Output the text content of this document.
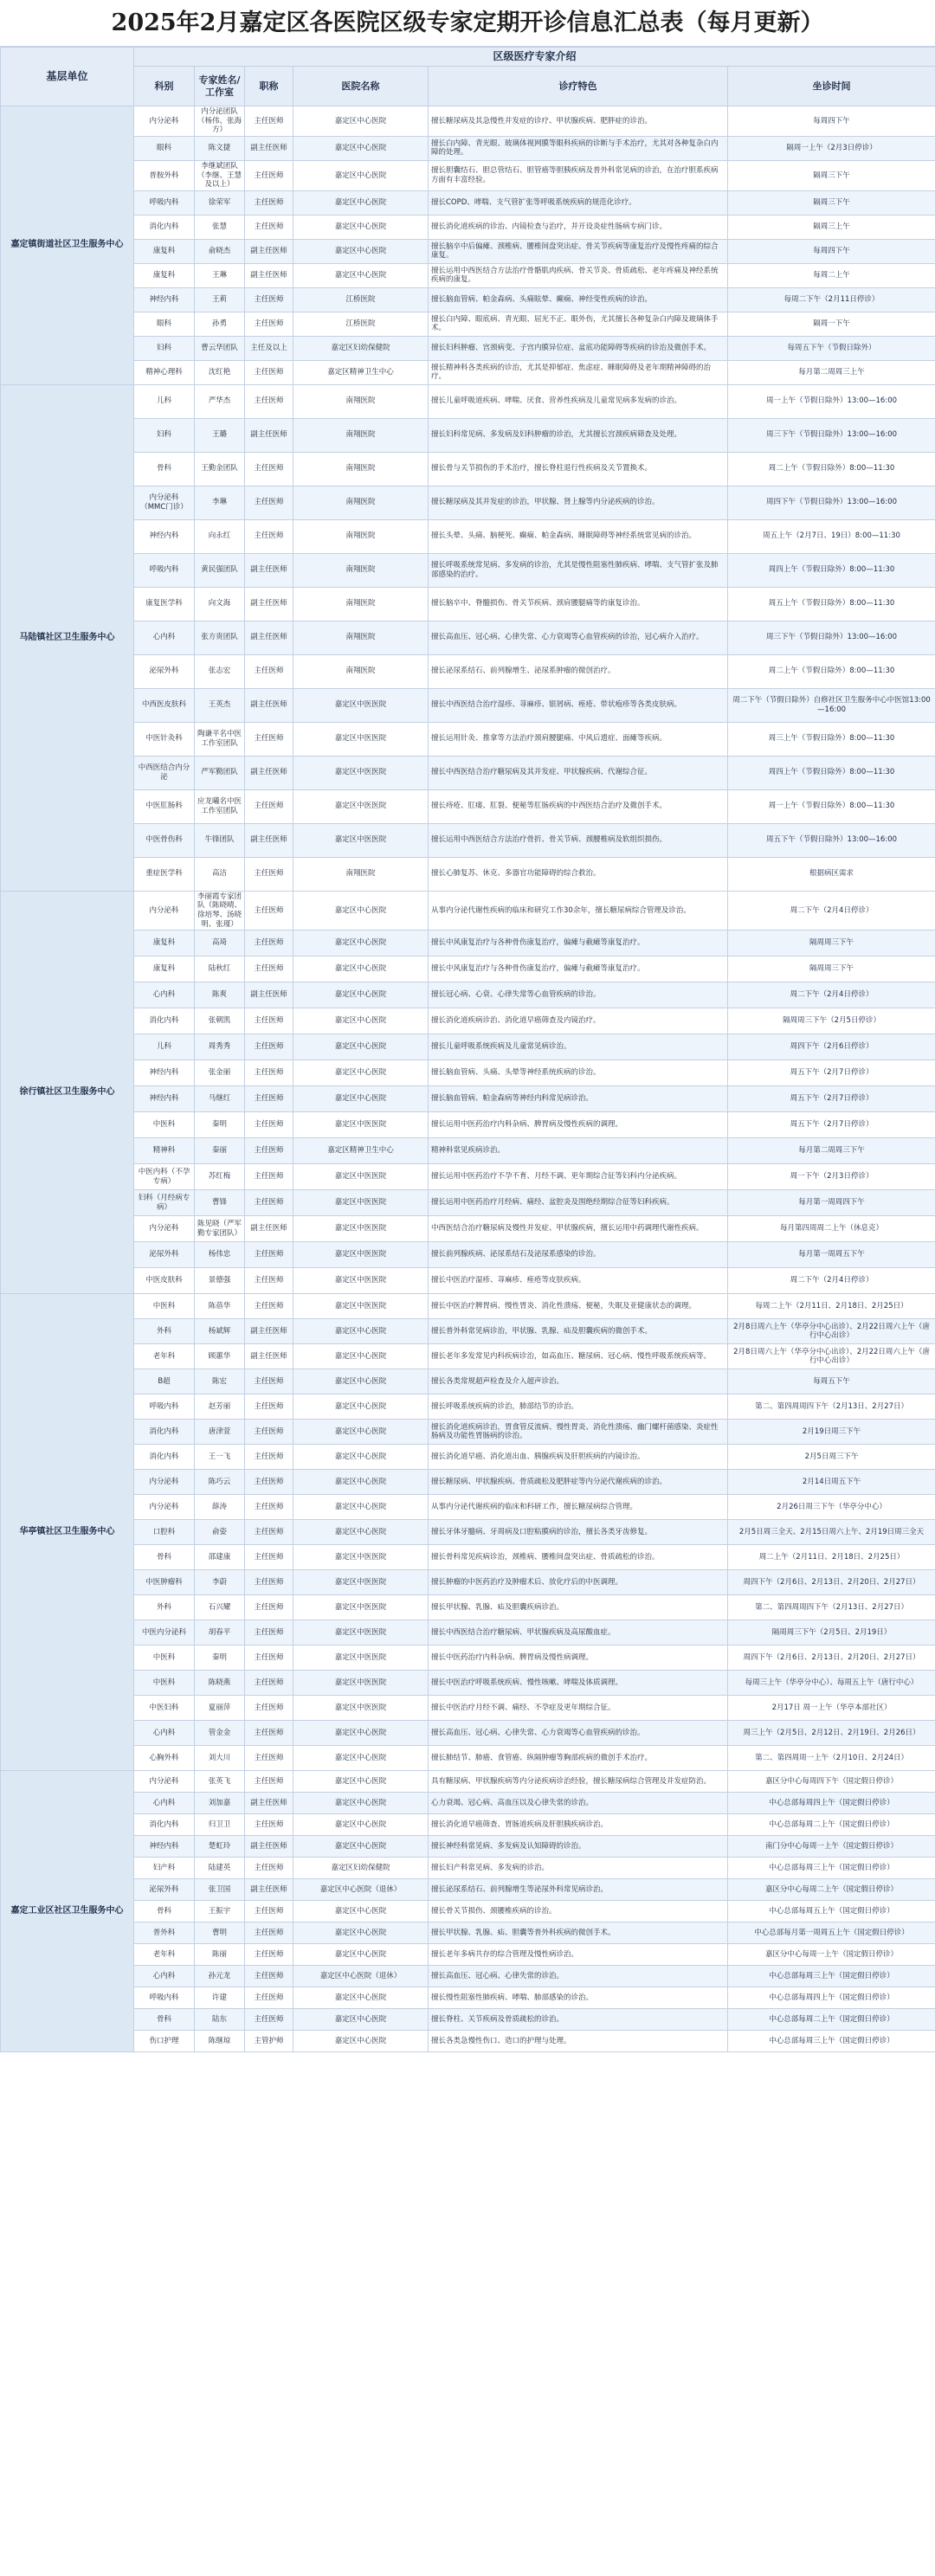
2025年2月嘉定区各医院区级专家定期开诊信息汇总表（每月更新）
基层单位	区级医疗专家介绍					
	科别	专家姓名/工作室	职称	医院名称	诊疗特色	坐诊时间
嘉定镇街道社区卫生服务中心	内分泌科	内分泌团队（杨伟、张海方）	主任医师	嘉定区中心医院	擅长糖尿病及其急慢性并发症的诊疗、甲状腺疾病、肥胖症的诊治。	每周四下午
	眼科	陈文捷	副主任医师	嘉定区中心医院	擅长白内障、青光眼、玻璃体视网膜等眼科疾病的诊断与手术治疗，尤其对各种复杂白内障的处理。	隔周一上午（2月3日停诊）
	普胺外科	李继斌团队（李继、王慧及以上）	主任医师	嘉定区中心医院	擅长胆囊结石、胆总管结石、胆管癌等胆胰疾病及普外科常见病的诊治，在治疗胆系疾病方面有丰富经验。	隔周三下午
	呼吸内科	徐荣军	主任医师	嘉定区中心医院	擅长COPD、哮喘、支气管扩张等呼吸系统疾病的规范化诊疗。	隔周三下午
	消化内科	张慧	主任医师	嘉定区中心医院	擅长消化道疾病的诊治、内镜检查与治疗，并开设炎症性肠病专病门诊。	隔周三上午
	康复科	俞晓杰	副主任医师	嘉定区中心医院	擅长脑卒中后偏瘫、颈椎病、腰椎间盘突出症、骨关节疾病等康复治疗及慢性疼痛的综合康复。	每周四下午
	康复科	王琳	副主任医师	嘉定区中心医院	擅长运用中西医结合方法治疗骨骼肌肉疾病、骨关节炎、骨质疏松、老年疼痛及神经系统疾病的康复。	每周二上午
	神经内科	王莉	主任医师	江桥医院	擅长脑血管病、帕金森病、头痛眩晕、癫痫、神经变性疾病的诊治。	每周二下午（2月11日停诊）
	眼科	孙勇	主任医师	江桥医院	擅长白内障、眼底病、青光眼、屈光不正、眼外伤，尤其擅长各种复杂白内障及玻璃体手术。	隔周一下午
	妇科	曹云华团队	主任及以上	嘉定区妇幼保健院	擅长妇科肿瘤、宫颈病变、子宫内膜异位症、盆底功能障碍等疾病的诊治及微创手术。	每周五下午（节假日除外）
	精神心理科	沈红艳	主任医师	嘉定区精神卫生中心	擅长精神科各类疾病的诊治，尤其是抑郁症、焦虑症、睡眠障碍及老年期精神障碍的治疗。	每月第二周周三上午
马陆镇社区卫生服务中心	儿科	严华杰	主任医师	南翔医院	擅长儿童呼吸道疾病、哮喘、厌食、营养性疾病及儿童常见病多发病的诊治。	周一上午（节假日除外）13:00—16:00
	妇科	王璐	副主任医师	南翔医院	擅长妇科常见病、多发病及妇科肿瘤的诊治，尤其擅长宫颈疾病筛查及处理。	周三下午（节假日除外）13:00—16:00
	骨科	王勤金团队	主任医师	南翔医院	擅长骨与关节损伤的手术治疗，擅长脊柱退行性疾病及关节置换术。	周二上午（节假日除外）8:00—11:30
	内分泌科（MMC门诊）	李琳	主任医师	南翔医院	擅长糖尿病及其并发症的诊治，甲状腺、肾上腺等内分泌疾病的诊治。	周四下午（节假日除外）13:00—16:00
	神经内科	向永红	主任医师	南翔医院	擅长头晕、头痛、脑梗死、癫痫、帕金森病、睡眠障碍等神经系统常见病的诊治。	周五上午（2月7日、19日）8:00—11:30
	呼吸内科	黄民强团队	副主任医师	南翔医院	擅长呼吸系统常见病、多发病的诊治，尤其是慢性阻塞性肺疾病、哮喘、支气管扩张及肺部感染的治疗。	周四上午（节假日除外）8:00—11:30
	康复医学科	向文海	副主任医师	南翔医院	擅长脑卒中、脊髓损伤、骨关节疾病、颈肩腰腿痛等的康复诊治。	周五上午（节假日除外）8:00—11:30
	心内科	张方贵团队	副主任医师	南翔医院	擅长高血压、冠心病、心律失常、心力衰竭等心血管疾病的诊治，冠心病介入治疗。	周三下午（节假日除外）13:00—16:00
	泌尿外科	张志宏	主任医师	南翔医院	擅长泌尿系结石、前列腺增生、泌尿系肿瘤的微创治疗。	周二上午（节假日除外）8:00—11:30
	中西医皮肤科	王英杰	副主任医师	嘉定区中医医院	擅长中西医结合治疗湿疹、荨麻疹、银屑病、痤疮、带状疱疹等各类皮肤病。	周二下午（节假日除外）自修社区卫生服务中心中医馆13:00—16:00
	中医针灸科	陶谦平名中医工作室团队	主任医师	嘉定区中医医院	擅长运用针灸、推拿等方法治疗颈肩腰腿痛、中风后遗症、面瘫等疾病。	周三上午（节假日除外）8:00—11:30
	中西医结合内分泌	严军勤团队	副主任医师	嘉定区中医医院	擅长中西医结合治疗糖尿病及其并发症、甲状腺疾病、代谢综合征。	周四上午（节假日除外）8:00—11:30
	中医肛肠科	应龙曦名中医工作室团队	主任医师	嘉定区中医医院	擅长痔疮、肛瘘、肛裂、便秘等肛肠疾病的中西医结合治疗及微创手术。	周一上午（节假日除外）8:00—11:30
	中医骨伤科	牛锋团队	副主任医师	嘉定区中医医院	擅长运用中西医结合方法治疗骨折、骨关节病、颈腰椎病及软组织损伤。	周五下午（节假日除外）13:00—16:00
	重症医学科	高洁	主任医师	南翔医院	擅长心肺复苏、休克、多器官功能障碍的综合救治。	根据病区需求
徐行镇社区卫生服务中心	内分泌科	李丽霞专家团队（陈晓晴、徐培琴、汤晓明、张瑾）	主任医师	嘉定区中心医院	从事内分泌代谢性疾病的临床和研究工作30余年，擅长糖尿病综合管理及诊治。	周二下午（2月4日停诊）
	康复科	高琦	主任医师	嘉定区中心医院	擅长中风康复治疗与各种骨伤康复治疗，偏瘫与截瘫等康复治疗。	隔周周三下午
	康复科	陆秋红	主任医师	嘉定区中心医院	擅长中风康复治疗与各种骨伤康复治疗，偏瘫与截瘫等康复治疗。	隔周周三下午
	心内科	陈爽	副主任医师	嘉定区中心医院	擅长冠心病、心衰、心律失常等心血管疾病的诊治。	周二下午（2月4日停诊）
	消化内科	张朝凯	主任医师	嘉定区中心医院	擅长消化道疾病诊治、消化道早癌筛查及内镜治疗。	隔周周三下午（2月5日停诊）
	儿科	周秀秀	主任医师	嘉定区中心医院	擅长儿童呼吸系统疾病及儿童常见病诊治。	周四下午（2月6日停诊）
	神经内科	张金丽	主任医师	嘉定区中心医院	擅长脑血管病、头痛、头晕等神经系统疾病的诊治。	周五下午（2月7日停诊）
	神经内科	马继红	主任医师	嘉定区中心医院	擅长脑血管病、帕金森病等神经内科常见病诊治。	周五下午（2月7日停诊）
	中医科	秦明	主任医师	嘉定区中医医院	擅长运用中医药治疗内科杂病、脾胃病及慢性疾病的调理。	周五下午（2月7日停诊）
	精神科	秦丽	主任医师	嘉定区精神卫生中心	精神科常见疾病诊治。	每月第二周周三下午
	中医内科（不孕专病）	苏红梅	主任医师	嘉定区中医医院	擅长运用中医药治疗不孕不育、月经不调、更年期综合征等妇科内分泌疾病。	周一下午（2月3日停诊）
	妇科（月经病专病）	曹锋	主任医师	嘉定区中医医院	擅长运用中医药治疗月经病、痛经、盆腔炎及围绝经期综合征等妇科疾病。	每月第一周周四下午
	内分泌科	陈见晓（严军勤专家团队）	副主任医师	嘉定区中医医院	中西医结合治疗糖尿病及慢性并发症、甲状腺疾病，擅长运用中药调理代谢性疾病。	每月第四周周二上午（休息克）
	泌尿外科	杨伟忠	主任医师	嘉定区中医医院	擅长前列腺疾病、泌尿系结石及泌尿系感染的诊治。	每月第一周周五下午
	中医皮肤科	景德强	主任医师	嘉定区中医医院	擅长中医治疗湿疹、荨麻疹、痤疮等皮肤疾病。	周二下午（2月4日停诊）
华亭镇社区卫生服务中心	中医科	陈蓓华	主任医师	嘉定区中医医院	擅长中医治疗脾胃病、慢性胃炎、消化性溃疡、便秘，失眠及亚健康状态的调理。	每周二上午（2月11日、2月18日、2月25日）
	外科	杨斌辉	副主任医师	嘉定区中心医院	擅长普外科常见病诊治，甲状腺、乳腺、疝及胆囊疾病的微创手术。	2月8日周六上午（华亭分中心出诊）、2月22日周六上午（唐行中心出诊）
	老年科	顾蕙华	副主任医师	嘉定区中心医院	擅长老年多发常见内科疾病诊治，如高血压、糖尿病、冠心病、慢性呼吸系统疾病等。	2月8日周六上午（华亭分中心出诊）、2月22日周六上午（唐行中心出诊）
	B超	陈宏	主任医师	嘉定区中心医院	擅长各类常规超声检查及介入超声诊治。	每周五下午
	呼吸内科	赵芳丽	主任医师	嘉定区中心医院	擅长呼吸系统疾病的诊治，肺部结节的诊治。	第二、第四周周四下午（2月13日、2月27日）
	消化内科	唐津萱	主任医师	嘉定区中心医院	擅长消化道疾病诊治，胃食管反流病、慢性胃炎、消化性溃疡、幽门螺杆菌感染、炎症性肠病及功能性胃肠病的诊治。	2月19日周三下午
	消化内科	王一飞	主任医师	嘉定区中心医院	擅长消化道早癌、消化道出血、胰腺疾病及肝胆疾病的内镜诊治。	2月5日周三下午
	内分泌科	陈巧云	主任医师	嘉定区中心医院	擅长糖尿病、甲状腺疾病、骨质疏松及肥胖症等内分泌代谢疾病的诊治。	2月14日周五下午
	内分泌科	薛涛	主任医师	嘉定区中心医院	从事内分泌代谢疾病的临床和科研工作，擅长糖尿病综合管理。	2月26日周三下午（华亭分中心）
	口腔科	俞姿	主任医师	嘉定区中心医院	擅长牙体牙髓病、牙周病及口腔粘膜病的诊治，擅长各类牙齿修复。	2月5日周三全天、2月15日周六上午、2月19日周三全天
	骨科	邵建康	主任医师	嘉定区中医医院	擅长骨科常见疾病诊治，颈椎病、腰椎间盘突出症、骨质疏松的诊治。	周二上午（2月11日、2月18日、2月25日）
	中医肿瘤科	李蔚	主任医师	嘉定区中医医院	擅长肿瘤的中医药治疗及肿瘤术后、放化疗后的中医调理。	周四下午（2月6日、2月13日、2月20日、2月27日）
	外科	石兴耀	主任医师	嘉定区中医医院	擅长甲状腺、乳腺、疝及胆囊疾病诊治。	第二、第四周周四下午（2月13日、2月27日）
	中医内分泌科	胡春平	主任医师	嘉定区中医医院	擅长中西医结合治疗糖尿病、甲状腺疾病及高尿酸血症。	隔周周三下午（2月5日、2月19日）
	中医科	秦明	主任医师	嘉定区中医医院	擅长中医药治疗内科杂病、脾胃病及慢性病调理。	周四下午（2月6日、2月13日、2月20日、2月27日）
	中医科	陈晓燕	主任医师	嘉定区中医医院	擅长中医治疗呼吸系统疾病、慢性咳嗽、哮喘及体质调理。	每周三上午（华亭分中心）、每周五上午（唐行中心）
	中医妇科	夏丽萍	主任医师	嘉定区中医医院	擅长中医治疗月经不调、痛经、不孕症及更年期综合征。	2月17日 周一上午（华亭本部社区）
	心内科	管金金	主任医师	嘉定区中心医院	擅长高血压、冠心病、心律失常、心力衰竭等心血管疾病的诊治。	周三上午（2月5日、2月12日、2月19日、2月26日）
	心胸外科	刘大川	主任医师	嘉定区中心医院	擅长肺结节、肺癌、食管癌、纵隔肿瘤等胸部疾病的微创手术治疗。	第二、第四周周一上午（2月10日、2月24日）
嘉定工业区社区卫生服务中心	内分泌科	张英飞	主任医师	嘉定区中心医院	具有糖尿病、甲状腺疾病等内分泌疾病诊治经验，擅长糖尿病综合管理及并发症防治。	嘉区分中心每周四下午（国定假日停诊）
	心内科	刘加嘉	副主任医师	嘉定区中心医院	心力衰竭、冠心病、高血压以及心律失常的诊治。	中心总部每周四上午（国定假日停诊）
	消化内科	归卫卫	主任医师	嘉定区中心医院	擅长消化道早癌筛查、胃肠道疾病及肝胆胰疾病诊治。	中心总部每周二上午（国定假日停诊）
	神经内科	楚虹玲	副主任医师	嘉定区中心医院	擅长神经科常见病、多发病及认知障碍的诊治。	南门分中心每周一上午（国定假日停诊）
	妇产科	陆建英	主任医师	嘉定区妇幼保健院	擅长妇产科常见病、多发病的诊治。	中心总部每周三上午（国定假日停诊）
	泌尿外科	张卫国	副主任医师	嘉定区中心医院（退休）	擅长泌尿系结石、前列腺增生等泌尿外科常见病诊治。	嘉区分中心每周二上午（国定假日停诊）
	骨科	王振宇	主任医师	嘉定区中心医院	擅长骨关节损伤、颈腰椎疾病的诊治。	中心总部每周五上午（国定假日停诊）
	普外科	曹明	主任医师	嘉定区中心医院	擅长甲状腺、乳腺、疝、胆囊等普外科疾病的微创手术。	中心总部每月第一周周五上午（国定假日停诊）
	老年科	陈丽	主任医师	嘉定区中心医院	擅长老年多病共存的综合管理及慢性病诊治。	嘉区分中心每周一上午（国定假日停诊）
	心内科	孙元龙	主任医师	嘉定区中心医院（退休）	擅长高血压、冠心病、心律失常的诊治。	中心总部每周三上午（国定假日停诊）
	呼吸内科	许建	主任医师	嘉定区中心医院	擅长慢性阻塞性肺疾病、哮喘、肺部感染的诊治。	中心总部每周四上午（国定假日停诊）
	骨科	陆东	主任医师	嘉定区中心医院	擅长脊柱、关节疾病及骨质疏松的诊治。	中心总部每周二上午（国定假日停诊）
	伤口护理	陈继琼	主管护师	嘉定区中心医院	擅长各类急慢性伤口、造口的护理与处理。	中心总部每周三上午（国定假日停诊）
